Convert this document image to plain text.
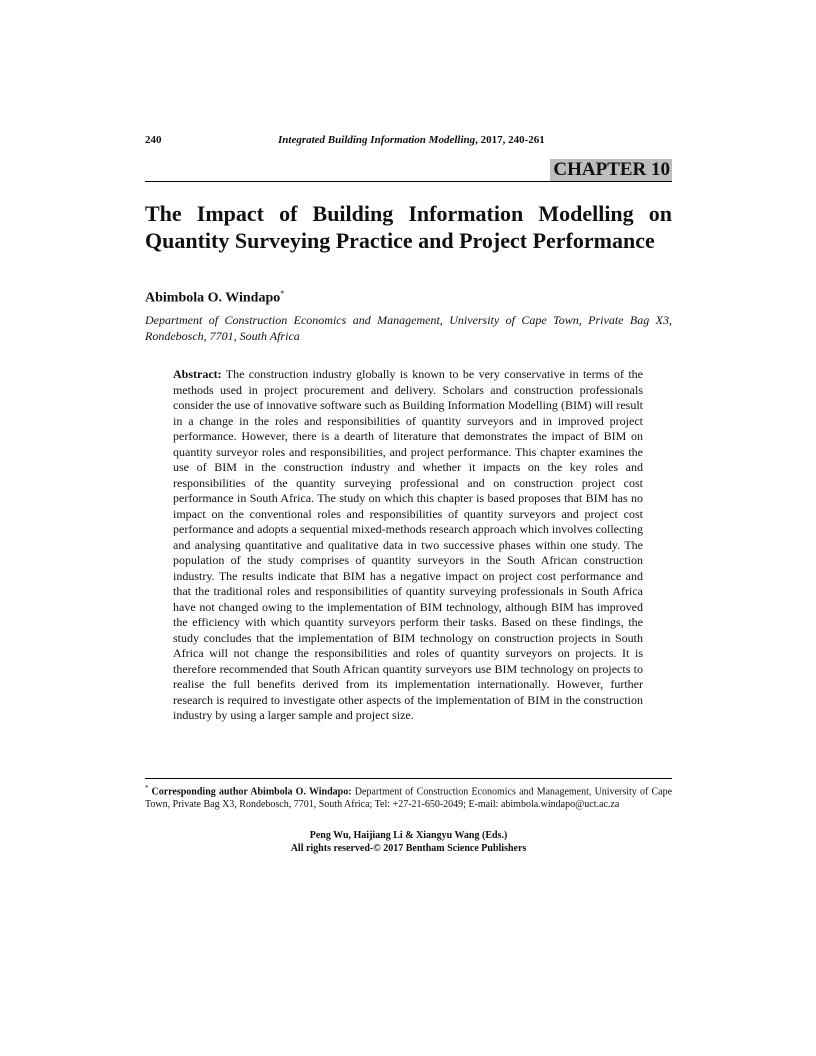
240	Integrated Building Information Modelling, 2017, 240-261
CHAPTER 10
The Impact of Building Information Modelling on Quantity Surveying Practice and Project Performance
Abimbola O. Windapo*
Department of Construction Economics and Management, University of Cape Town, Private Bag X3, Rondebosch, 7701, South Africa

Abstract: The construction industry globally is known to be very conservative in terms of the methods used in project procurement and delivery. Scholars and construction professionals consider the use of innovative software such as Building Information Modelling (BIM) will result in a change in the roles and responsibilities of quantity surveyors and in improved project performance. However, there is a dearth of literature that demonstrates the impact of BIM on quantity surveyor roles and responsibilities, and project performance. This chapter examines the use of BIM in the construction industry and whether it impacts on the key roles and responsibilities of the quantity surveying professional and on construction project cost performance in South Africa. The study on which this chapter is based proposes that BIM has no impact on the conventional roles and responsibilities of quantity surveyors and project cost performance and adopts a sequential mixed-methods research approach which involves collecting and analysing quantitative and qualitative data in two successive phases within one study. The population of the study comprises of quantity surveyors in the South African construction industry. The results indicate that BIM has a negative impact on project cost performance and that the traditional roles and responsibilities of quantity surveying professionals in South Africa have not changed owing to the implementation of BIM technology, although BIM has improved the efficiency with which quantity surveyors perform their tasks. Based on these findings, the study concludes that the implementation of BIM technology on construction projects in South Africa will not change the responsibilities and roles of quantity surveyors on projects. It is therefore recommended that South African quantity surveyors use BIM technology on projects to realise the full benefits derived from its implementation internationally. However, further research is required to investigate other aspects of the implementation of BIM in the construction industry by using a larger sample and project size.

* Corresponding author Abimbola O. Windapo: Department of Construction Economics and Management, University of Cape Town, Private Bag X3, Rondebosch, 7701, South Africa; Tel: +27-21-650-2049; E-mail: abimbola.windapo@uct.ac.za

Peng Wu, Haijiang Li & Xiangyu Wang (Eds.)
All rights reserved-© 2017 Bentham Science Publishers
